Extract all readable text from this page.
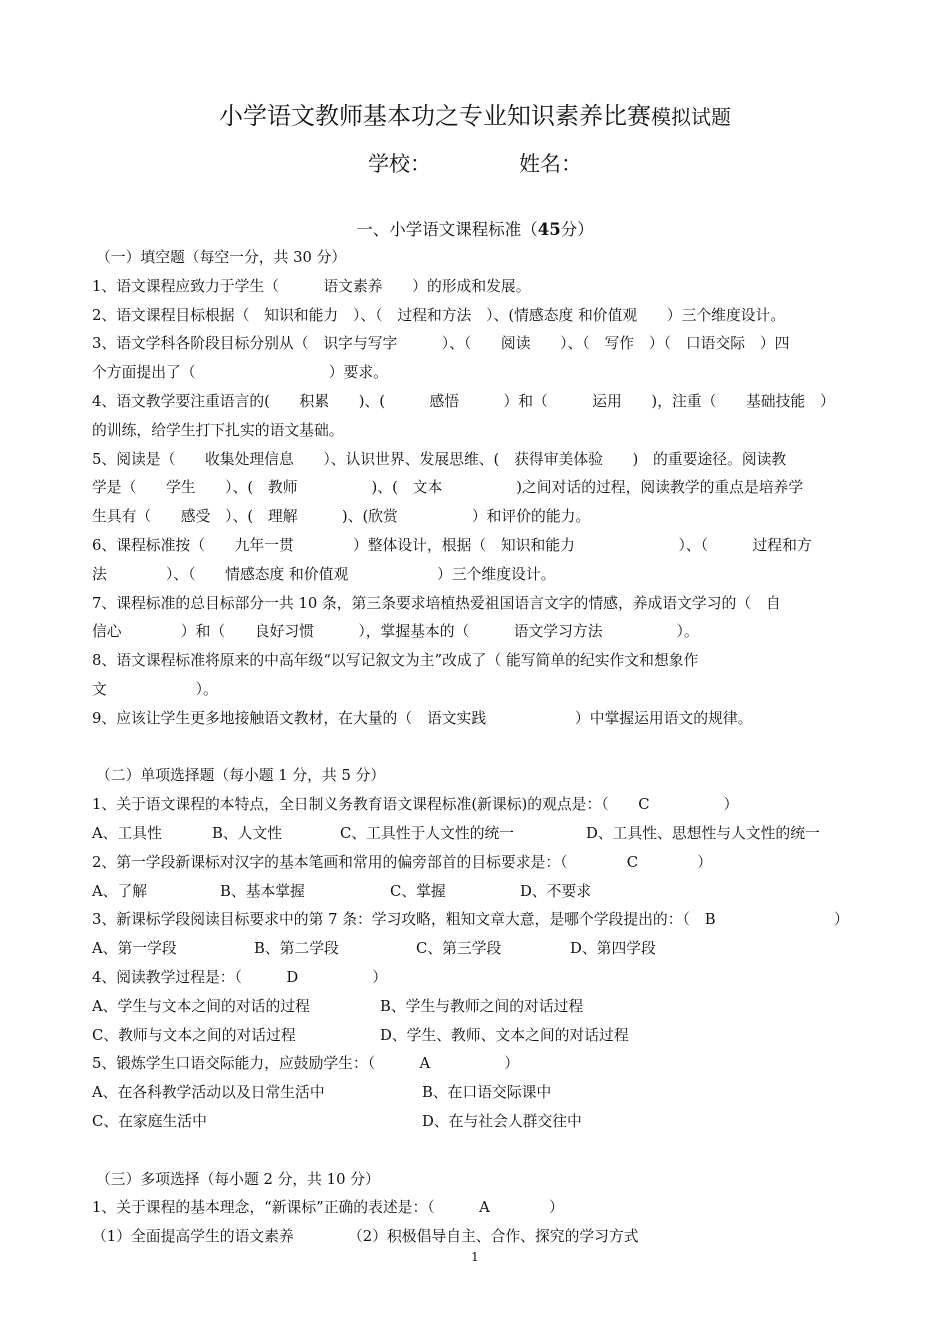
小学语文教师基本功之专业知识素养比赛模拟试题
学校：	姓名：
一、小学语文课程标准（45分）
（一）填空题（每空一分，共 30 分）
1、语文课程应致力于学生（　　　语文素养　　）的形成和发展。
2、语文课程目标根据（　知识和能力　）、（　过程和方法　）、(情感态度 和价值观　　）三个维度设计。
3、语文学科各阶段目标分别从（　识字与写字　　　）、（　　阅读　　）、（　写作　）（　口语交际　）四
个方面提出了（　　　　　　　　　）要求。
4、语文教学要注重语言的(　　积累　　)、(　　　感悟　　　）和（　　　运用　　)，注重（　　基础技能　）
的训练，给学生打下扎实的语文基础。
5、阅读是（　　收集处理信息　　）、认识世界、发展思维、(　获得审美体验　　)　的重要途径。阅读教
学是（　　学生　　）、(　教师　　　　　)、(　文本　　　　　)之间对话的过程，阅读教学的重点是培养学
生具有（　　感受　）、(　理解　　　)、(欣赏　　　　　）和评价的能力。
6、课程标准按（　　九年一贯　　　　）整体设计，根据（　知识和能力　　　　　　　）、（　　　过程和方
法　　　　）、（　　情感态度 和价值观　　　　　　）三个维度设计。
7、课程标准的总目标部分一共 10 条，第三条要求培植热爱祖国语言文字的情感，养成语文学习的（　自
信心　　　　）和（　　良好习惯　　　），掌握基本的（　　　语文学习方法　　　　　）。
8、语文课程标准将原来的中高年级“以写记叙文为主”改成了（ 能写简单的纪实作文和想象作
文　　　　　　）。
9、应该让学生更多地接触语文教材，在大量的（　语文实践　　　　　　）中掌握运用语文的规律。
（二）单项选择题（每小题 1 分，共 5 分）
1、关于语文课程的本特点，全日制义务教育语文课程标准(新课标)的观点是：（　　C　　　　　）
A、工具性	B、人文性	C、工具性于人文性的统一	D、工具性、思想性与人文性的统一
2、第一学段新课标对汉字的基本笔画和常用的偏旁部首的目标要求是：（　　　　C　　　　）
A、了解	B、基本掌握	C、掌握	D、不要求
3、新课标学段阅读目标要求中的第 7 条：学习攻略，粗知文章大意，是哪个学段提出的：（　B　　　　　　　　）
A、第一学段	B、第二学段	C、第三学段	D、第四学段
4、阅读教学过程是：（　　　D　　　　　）
A、学生与文本之间的对话的过程	B、学生与教师之间的对话过程
C、教师与文本之间的对话过程	D、学生、教师、文本之间的对话过程
5、锻炼学生口语交际能力，应鼓励学生：（　　　A　　　　　）
A、在各科教学活动以及日常生活中	B、在口语交际课中
C、在家庭生活中	D、在与社会人群交往中
（三）多项选择（每小题 2 分，共 10 分）
1、关于课程的基本理念，“新课标”正确的表述是：（　　　A　　　　）
（1）全面提高学生的语文素养	（2）积极倡导自主、合作、探究的学习方式
1
